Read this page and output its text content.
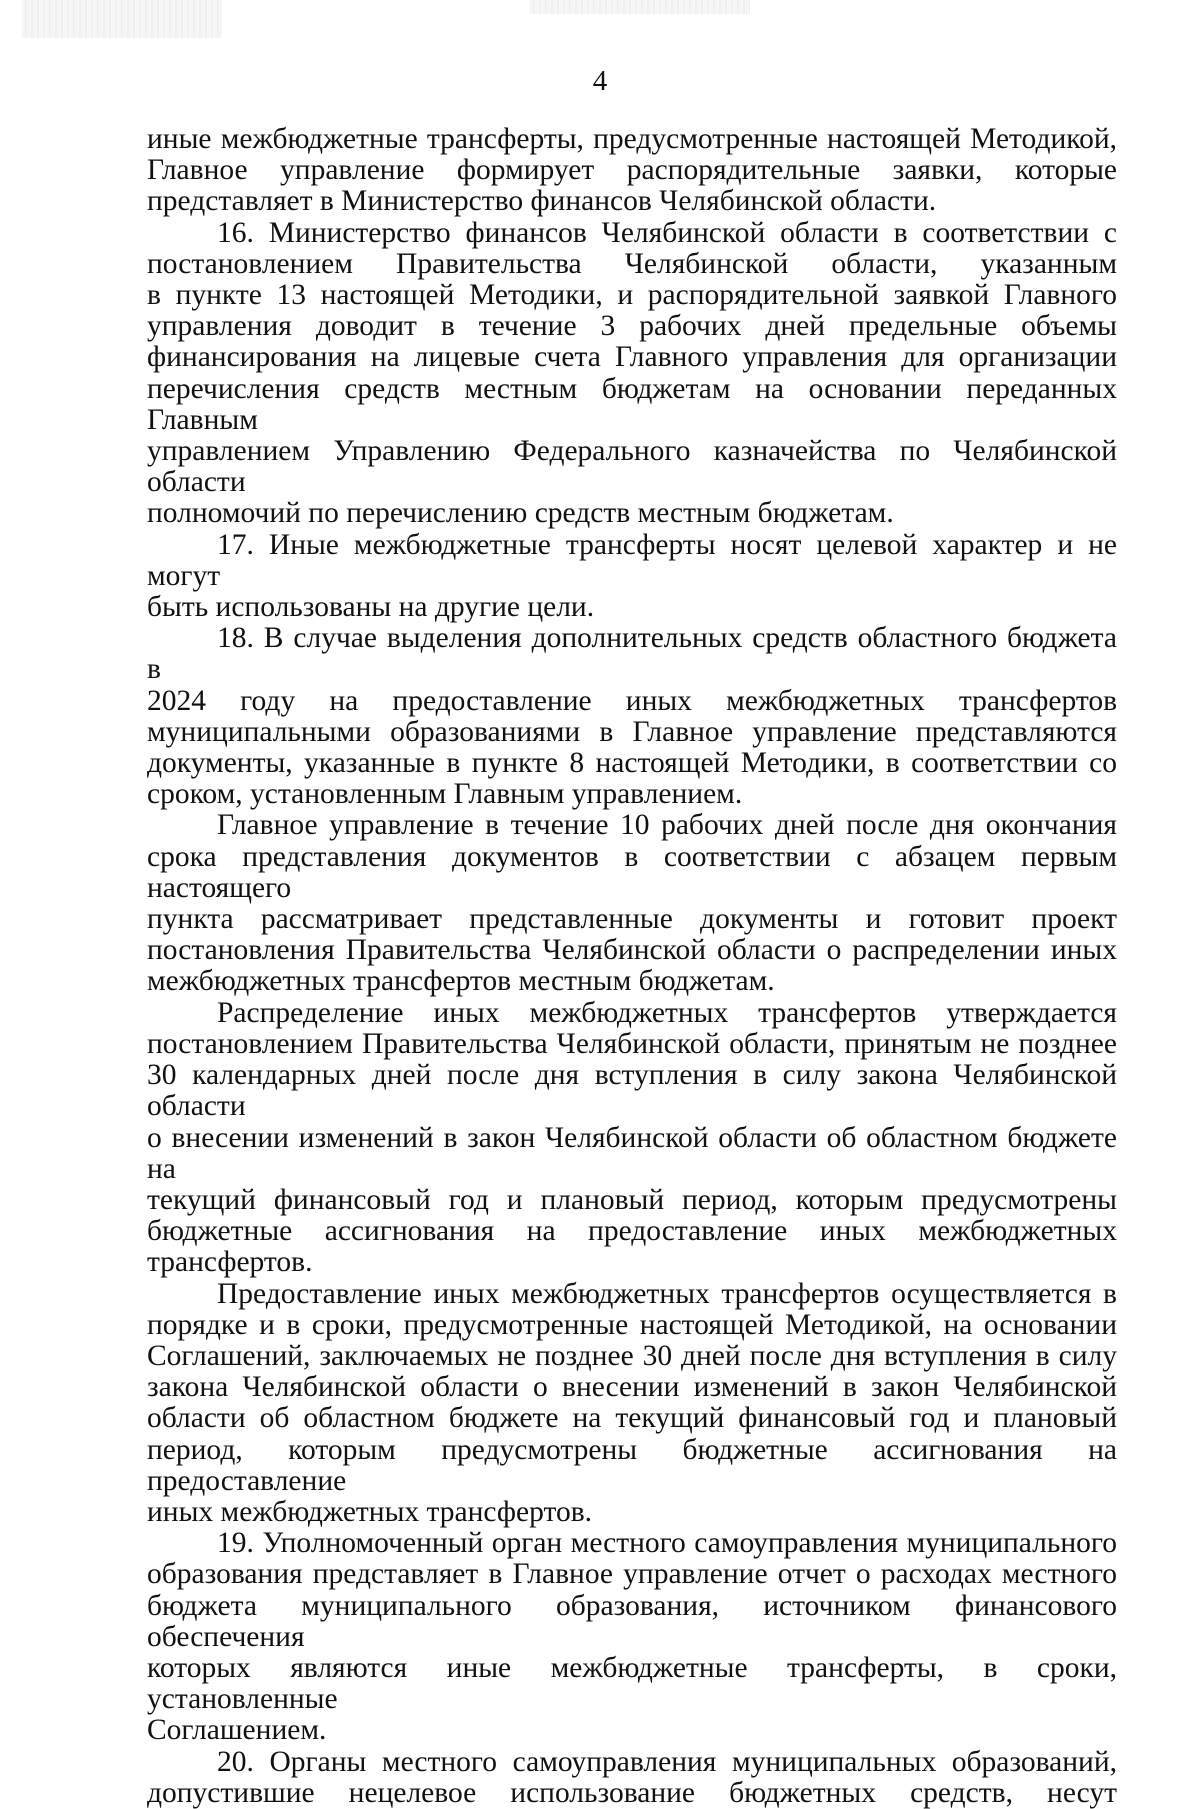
4
иные межбюджетные трансферты, предусмотренные настоящей Методикой,
Главное управление формирует распорядительные заявки, которые
представляет в Министерство финансов Челябинской области.
16. Министерство финансов Челябинской области в соответствии с
постановлением Правительства Челябинской области, указанным
в пункте 13 настоящей Методики, и распорядительной заявкой Главного
управления доводит в течение 3 рабочих дней предельные объемы
финансирования на лицевые счета Главного управления для организации
перечисления средств местным бюджетам на основании переданных Главным
управлением Управлению Федерального казначейства по Челябинской области
полномочий по перечислению средств местным бюджетам.
17. Иные межбюджетные трансферты носят целевой характер и не могут
быть использованы на другие цели.
18. В случае выделения дополнительных средств областного бюджета в
2024 году на предоставление иных межбюджетных трансфертов
муниципальными образованиями в Главное управление представляются
документы, указанные в пункте 8 настоящей Методики, в соответствии со
сроком, установленным Главным управлением.
Главное управление в течение 10 рабочих дней после дня окончания
срока представления документов в соответствии с абзацем первым настоящего
пункта рассматривает представленные документы и готовит проект
постановления Правительства Челябинской области о распределении иных
межбюджетных трансфертов местным бюджетам.
Распределение иных межбюджетных трансфертов утверждается
постановлением Правительства Челябинской области, принятым не позднее
30 календарных дней после дня вступления в силу закона Челябинской области
о внесении изменений в закон Челябинской области об областном бюджете на
текущий финансовый год и плановый период, которым предусмотрены
бюджетные ассигнования на предоставление иных межбюджетных
трансфертов.
Предоставление иных межбюджетных трансфертов осуществляется в
порядке и в сроки, предусмотренные настоящей Методикой, на основании
Соглашений, заключаемых не позднее 30 дней после дня вступления в силу
закона Челябинской области о внесении изменений в закон Челябинской
области об областном бюджете на текущий финансовый год и плановый
период, которым предусмотрены бюджетные ассигнования на предоставление
иных межбюджетных трансфертов.
19. Уполномоченный орган местного самоуправления муниципального
образования представляет в Главное управление отчет о расходах местного
бюджета муниципального образования, источником финансового обеспечения
которых являются иные межбюджетные трансферты, в сроки, установленные
Соглашением.
20. Органы местного самоуправления муниципальных образований,
допустившие нецелевое использование бюджетных средств, несут
